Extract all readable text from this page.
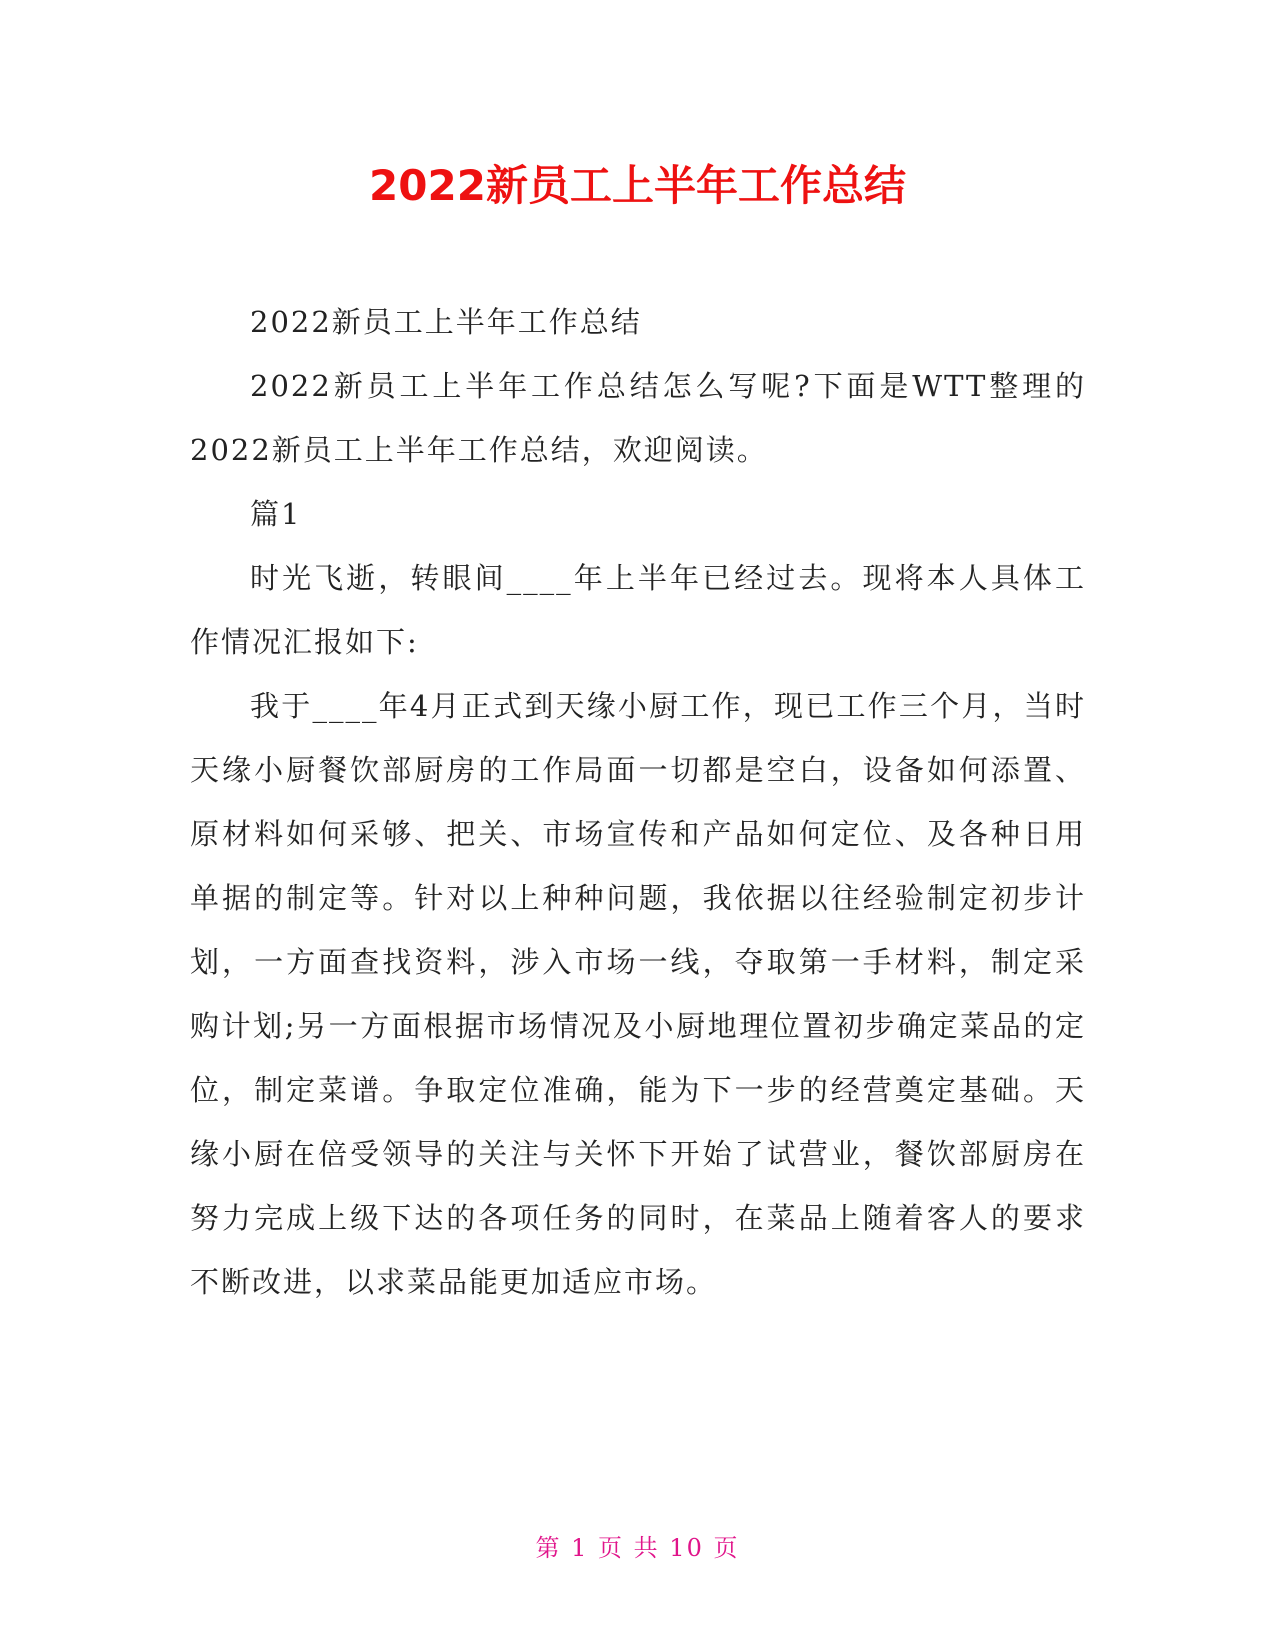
2022新员工上半年工作总结

2022新员工上半年工作总结

2022新员工上半年工作总结怎么写呢?下面是WTT整理的2022新员工上半年工作总结，欢迎阅读。

篇1

时光飞逝，转眼间____年上半年已经过去。现将本人具体工作情况汇报如下:

我于____年4月正式到天缘小厨工作，现已工作三个月，当时天缘小厨餐饮部厨房的工作局面一切都是空白，设备如何添置、原材料如何采够、把关、市场宣传和产品如何定位、及各种日用单据的制定等。针对以上种种问题，我依据以往经验制定初步计划，一方面查找资料，涉入市场一线，夺取第一手材料，制定采购计划;另一方面根据市场情况及小厨地理位置初步确定菜品的定位，制定菜谱。争取定位准确，能为下一步的经营奠定基础。天缘小厨在倍受领导的关注与关怀下开始了试营业，餐饮部厨房在努力完成上级下达的各项任务的同时，在菜品上随着客人的要求不断改进，以求菜品能更加适应市场。

第 1 页 共 10 页
